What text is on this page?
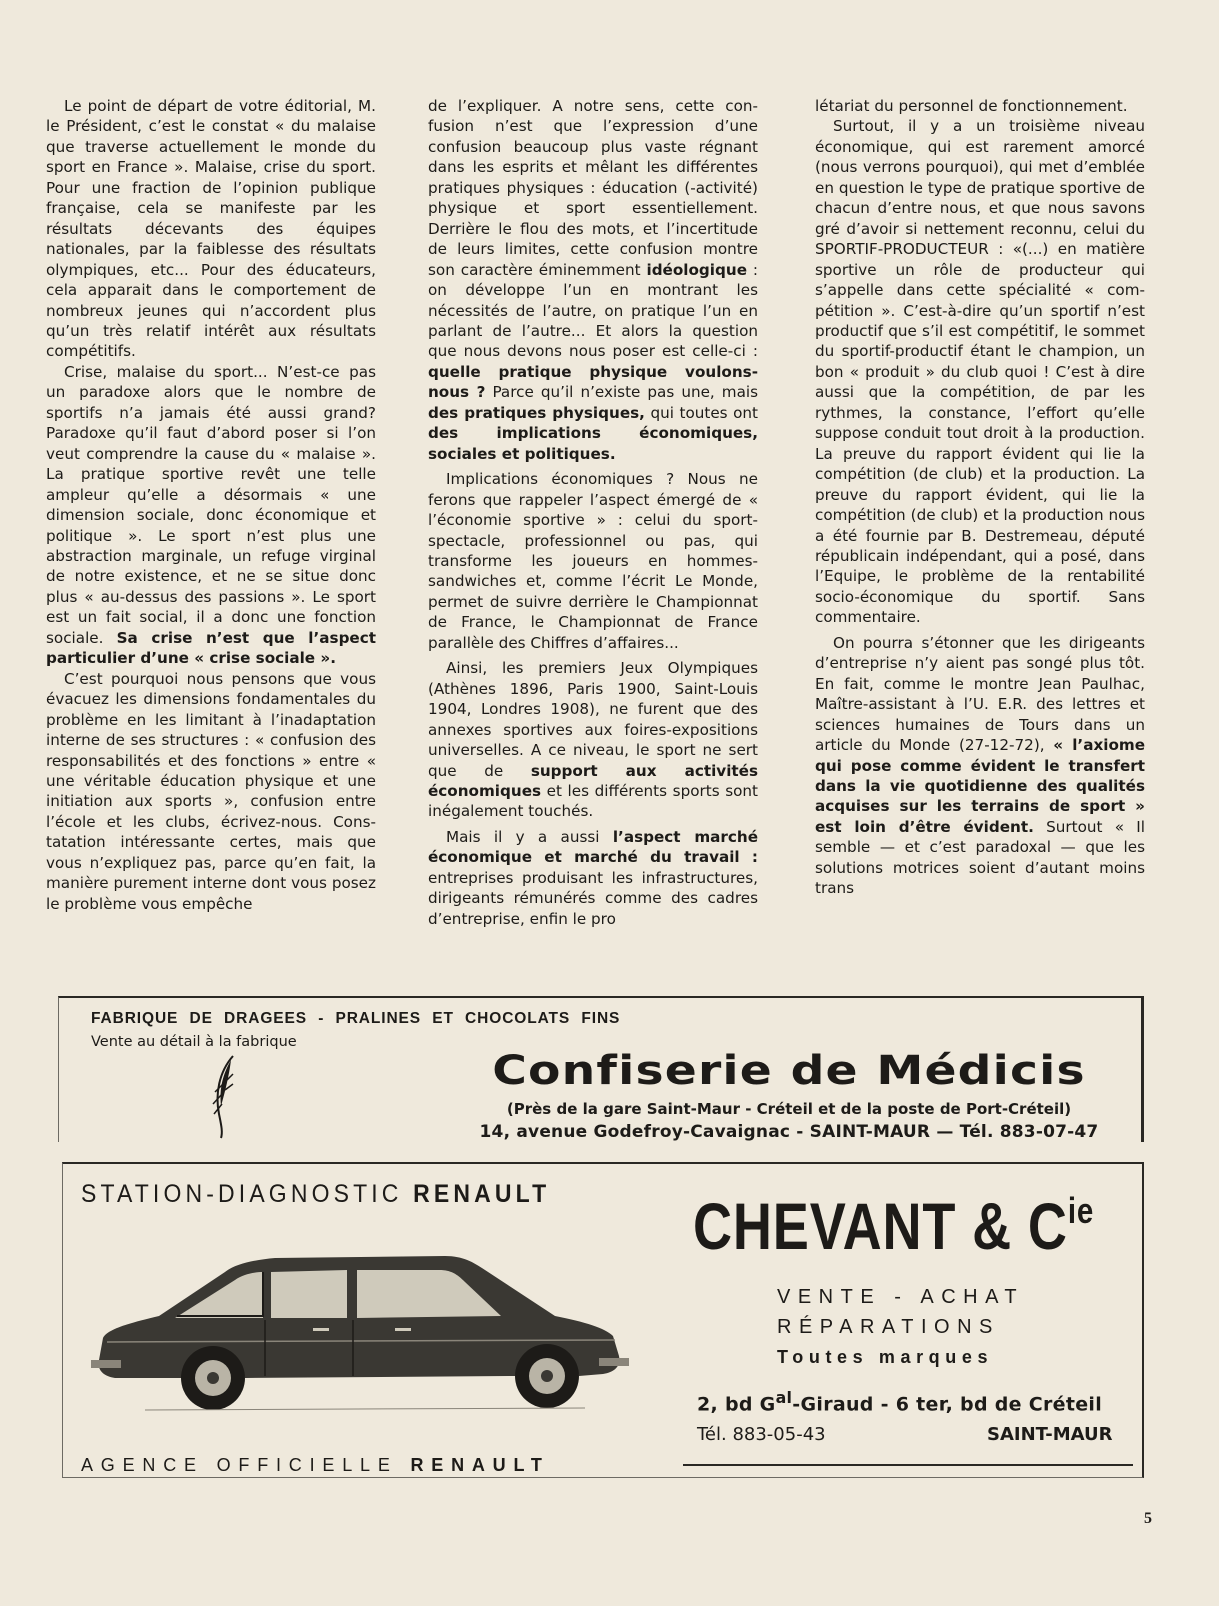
Le point de départ de votre éditorial, M. le Président, c’est le constat « du malaise que traverse actuellement le monde du sport en France ». Malaise, crise du sport. Pour une fraction de l’opinion publique française, cela se manifeste par les résultats décevants des équipes nationales, par la faiblesse des résultats olympiques, etc... Pour des éducateurs, cela apparait dans le comportement de nombreux jeunes qui n’accordent plus qu’un très relatif intérêt aux résultats compétitifs.

Crise, malaise du sport... N’est-ce pas un paradoxe alors que le nombre de sportifs n’a jamais été aussi grand? Paradoxe qu’il faut d’abord poser si l’on veut comprendre la cause du « malaise ». La pratique sportive revêt une telle ampleur qu’elle a désormais « une dimension sociale, donc économique et politique ». Le sport n’est plus une abstraction marginale, un refuge virginal de notre existence, et ne se situe donc plus « au-dessus des passions ». Le sport est un fait social, il a donc une fonction sociale. Sa crise n’est que l’aspect particulier d’une « crise sociale ».

C’est pourquoi nous pensons que vous évacuez les dimensions fondamentales du problème en les limitant à l’inadaptation interne de ses structures : « confusion des responsabilités et des fonctions » entre « une véritable éducation physique et une initiation aux sports », confusion entre l’école et les clubs, écrivez-nous. Constatation intéressante certes, mais que vous n’expliquez pas, parce qu’en fait, la manière purement interne dont vous posez le problème vous empêche

de l’expliquer. A notre sens, cette confusion n’est que l’expression d’une confusion beaucoup plus vaste régnant dans les esprits et mêlant les différentes pratiques physiques : éducation (-activité) physique et sport essentiellement. Derrière le flou des mots, et l’incertitude de leurs limites, cette confusion montre son caractère éminemment idéologique : on développe l’un en montrant les nécessités de l’autre, on pratique l’un en parlant de l’autre... Et alors la question que nous devons nous poser est celle-ci : quelle pratique physique voulons-nous ? Parce qu’il n’existe pas une, mais des pratiques physiques, qui toutes ont des implications économiques, sociales et politiques.

Implications économiques ? Nous ne ferons que rappeler l’aspect émergé de « l’économie sportive » : celui du sport-spectacle, professionnel ou pas, qui transforme les joueurs en hommes-sandwiches et, comme l’écrit Le Monde, permet de suivre derrière le Championnat de France, le Championnat de France parallèle des Chiffres d’affaires...

Ainsi, les premiers Jeux Olympiques (Athènes 1896, Paris 1900, Saint-Louis 1904, Londres 1908), ne furent que des annexes sportives aux foires-expositions universelles. A ce niveau, le sport ne sert que de support aux activités économiques et les différents sports sont inégalement touchés.

Mais il y a aussi l’aspect marché économique et marché du travail : entreprises produisant les infrastructures, dirigeants rémunérés comme des cadres d’entreprise, enfin le pro

létariat du personnel de fonctionnement.

Surtout, il y a un troisième niveau économique, qui est rarement amorcé (nous verrons pourquoi), qui met d’emblée en question le type de pratique sportive de chacun d’entre nous, et que nous savons gré d’avoir si nettement reconnu, celui du SPORTIF-PRODUCTEUR : «(...) en matière sportive un rôle de producteur qui s’appelle dans cette spécialité « compétition ». C’est-à-dire qu’un sportif n’est productif que s’il est compétitif, le sommet du sportif-productif étant le champion, un bon « produit » du club quoi ! C’est à dire aussi que la compétition, de par les rythmes, la constance, l’effort qu’elle suppose conduit tout droit à la production. La preuve du rapport évident qui lie la compétition (de club) et la production. La preuve du rapport évident, qui lie la compétition (de club) et la production nous a été fournie par B. Destremeau, député républicain indépendant, qui a posé, dans l’Equipe, le problème de la rentabilité socio-économique du sportif. Sans commentaire.

On pourra s’étonner que les dirigeants d’entreprise n’y aient pas songé plus tôt. En fait, comme le montre Jean Paulhac, Maître-assistant à l’U. E.R. des lettres et sciences humaines de Tours dans un article du Monde (27-12-72), « l’axiome qui pose comme évident le transfert dans la vie quotidienne des qualités acquises sur les terrains de sport » est loin d’être évident. Surtout « Il semble — et c’est paradoxal — que les solutions motrices soient d’autant moins trans

FABRIQUE DE DRAGEES - PRALINES ET CHOCOLATS FINS
Vente au détail à la fabrique
Confiserie de Médicis
(Près de la gare Saint-Maur - Créteil et de la poste de Port-Créteil)
14, avenue Godefroy-Cavaignac - SAINT-MAUR — Tél. 883-07-47
STATION-DIAGNOSTIC RENAULT
AGENCE OFFICIELLE RENAULT
CHEVANT & $C^{ie}$
VENTE - ACHAT
RÉPARATIONS
Toutes marques
2, bd $G^{al}$-Giraud - 6 ter, bd de Créteil
Tél. 883-05-43	SAINT-MAUR
5
